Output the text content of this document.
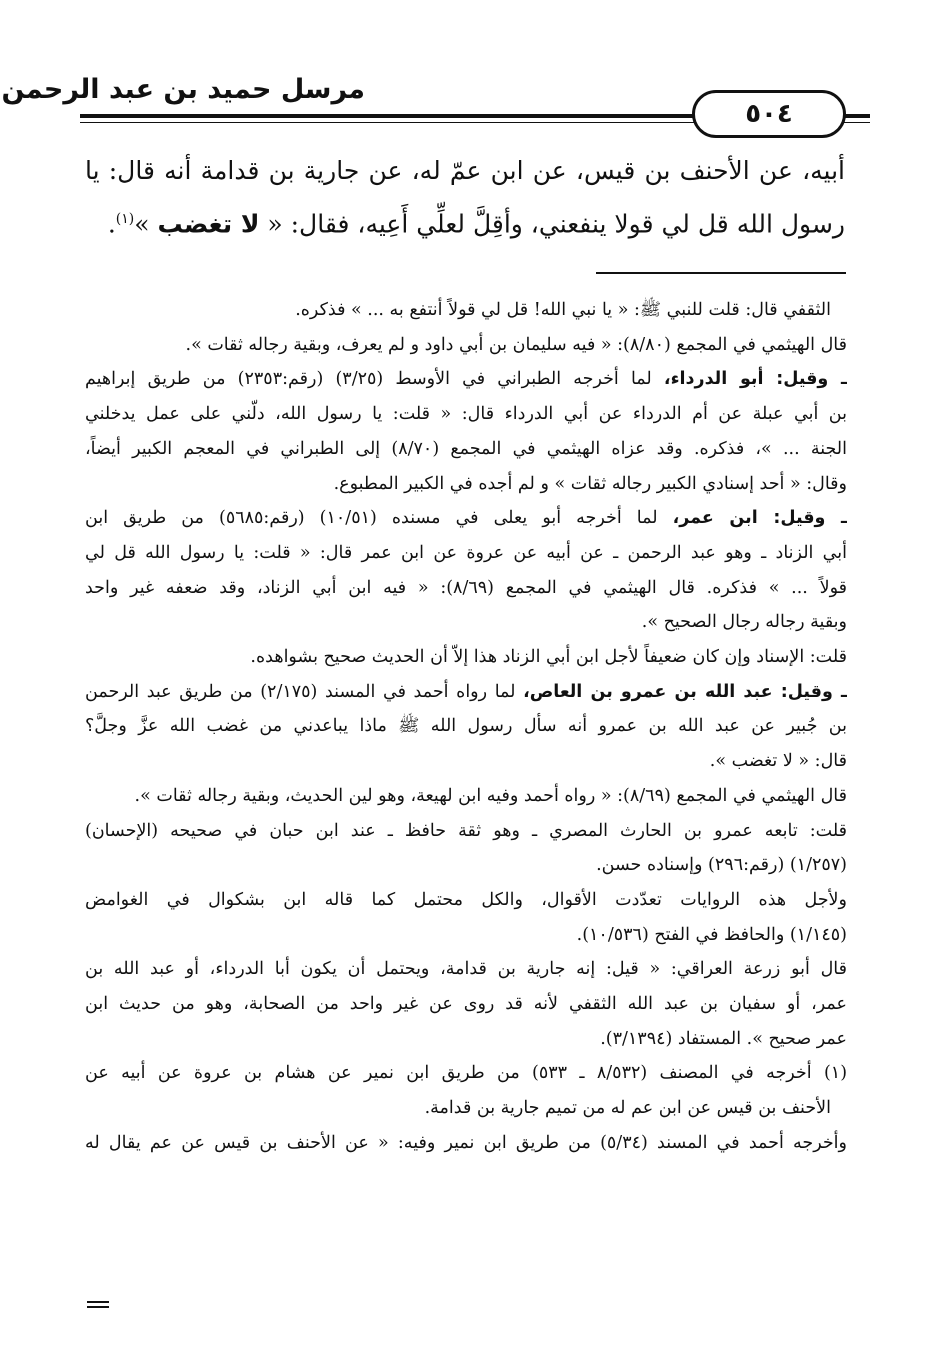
مرسل حميد بن عبد الرحمن
٥٠٤
أبيه، عن الأحنف بن قيس، عن ابن عمّ له، عن جارية بن قدامة أنه قال: يا
رسول الله قل لي قولا ينفعني، وأقِلَّ لعلِّي أَعِيه، فقال: « لا تغضب »$^{(١)}$.
الثقفي قال: قلت للنبي ﷺ: « يا نبي الله! قل لي قولاً أنتفع به ... » فذكره.
قال الهيثمي في المجمع (٨/٨٠): « فيه سليمان بن أبي داود و لم يعرف، وبقية رجاله ثقات ».
ـ وقيل: أبو الدرداء، لما أخرجه الطبراني في الأوسط (٣/٢٥) (رقم:٢٣٥٣) من طريق إبراهيم
بن أبي عبلة عن أم الدرداء عن أبي الدرداء قال: « قلت: يا رسول الله، دلّني على عمل يدخلني
الجنة ... »، فذكره. وقد عزاه الهيثمي في المجمع (٨/٧٠) إلى الطبراني في المعجم الكبير أيضاً،
وقال: « أحد إسنادي الكبير رجاله ثقات » و لم أجده في الكبير المطبوع.
ـ وقيل: ابن عمر، لما أخرجه أبو يعلى في مسنده (١٠/٥١) (رقم:٥٦٨٥) من طريق ابن
أبي الزناد ـ وهو عبد الرحمن ـ عن أبيه عن عروة عن ابن عمر قال: « قلت: يا رسول الله قل لي
قولاً ... » فذكره. قال الهيثمي في المجمع (٨/٦٩): « فيه ابن أبي الزناد، وقد ضعفه غير واحد
وبقية رجاله رجال الصحيح ».
قلت: الإسناد وإن كان ضعيفاً لأجل ابن أبي الزناد هذا إلاّ أن الحديث صحيح بشواهده.
ـ وقيل: عبد الله بن عمرو بن العاص، لما رواه أحمد في المسند (٢/١٧٥) من طريق عبد الرحمن
بن جُبير عن عبد الله بن عمرو أنه سأل رسول الله ﷺ ماذا يباعدني من غضب الله عزَّ وجلَّ؟
قال: « لا تغضب ».
قال الهيثمي في المجمع (٨/٦٩): « رواه أحمد وفيه ابن لهيعة، وهو لين الحديث، وبقية رجاله ثقات ».
قلت: تابعه عمرو بن الحارث المصري ـ وهو ثقة حافظ ـ عند ابن حبان في صحيحه (الإحسان)
(١/٢٥٧) (رقم:٢٩٦) وإسناده حسن.
ولأجل هذه الروايات تعدّدت الأقوال، والكل محتمل كما قاله ابن بشكوال في الغوامض
(١/١٤٥) والحافظ في الفتح (١٠/٥٣٦).
قال أبو زرعة العراقي: « قيل: إنه جارية بن قدامة، ويحتمل أن يكون أبا الدرداء، أو عبد الله بن
عمر، أو سفيان بن عبد الله الثقفي لأنه قد روى عن غير واحد من الصحابة، وهو من حديث ابن
عمر صحيح ». المستفاد (٣/١٣٩٤).
(١) أخرجه في المصنف (٨/٥٣٢ ـ ٥٣٣) من طريق ابن نمير عن هشام بن عروة عن أبيه عن
الأحنف بن قيس عن ابن عم له من تميم جارية بن قدامة.
وأخرجه أحمد في المسند (٥/٣٤) من طريق ابن نمير وفيه: « عن الأحنف بن قيس عن عم يقال له
